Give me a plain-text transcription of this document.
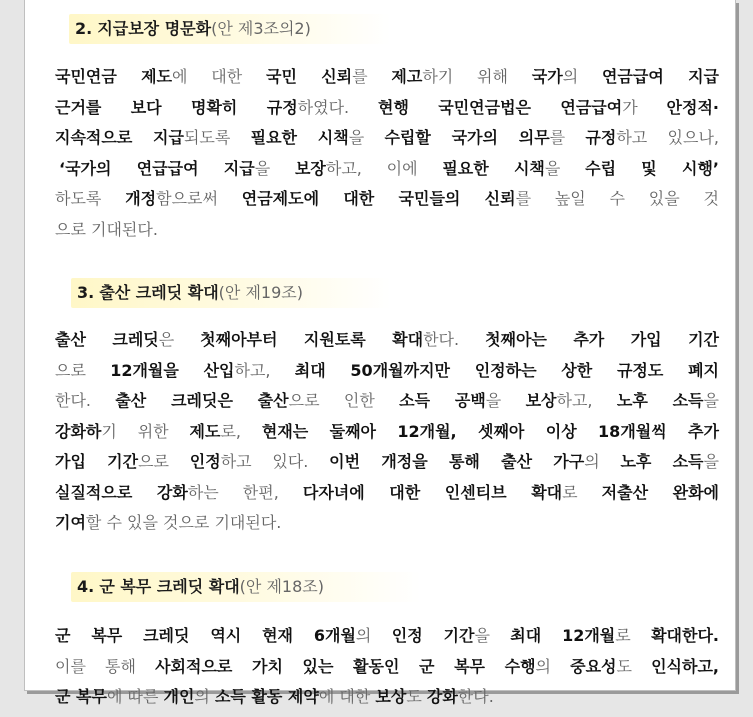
2. 지급보장 명문화(안 제3조의2)
국민연금 제도에 대한 국민 신뢰를 제고하기 위해 국가의 연금급여 지급
근거를 보다 명확히 규정하였다. 현행 국민연금법은 연금급여가 안정적·
지속적으로 지급되도록 필요한 시책을 수립할 국가의 의무를 규정하고 있으나,
‘국가의 연급급여 지급을 보장하고, 이에 필요한 시책을 수립 및 시행’
하도록 개정함으로써 연금제도에 대한 국민들의 신뢰를 높일 수 있을 것
으로 기대된다.
3. 출산 크레딧 확대(안 제19조)
출산 크레딧은 첫째아부터 지원토록 확대한다. 첫째아는 추가 가입 기간
으로 12개월을 산입하고, 최대 50개월까지만 인정하는 상한 규정도 폐지
한다. 출산 크레딧은 출산으로 인한 소득 공백을 보상하고, 노후 소득을
강화하기 위한 제도로, 현재는 둘째아 12개월, 셋째아 이상 18개월씩 추가
가입 기간으로 인정하고 있다. 이번 개정을 통해 출산 가구의 노후 소득을
실질적으로 강화하는 한편, 다자녀에 대한 인센티브 확대로 저출산 완화에
기여할 수 있을 것으로 기대된다.
4. 군 복무 크레딧 확대(안 제18조)
군 복무 크레딧 역시 현재 6개월의 인정 기간을 최대 12개월로 확대한다.
이를 통해 사회적으로 가치 있는 활동인 군 복무 수행의 중요성도 인식하고,
군 복무에 따른 개인의 소득 활동 제약에 대한 보상도 강화한다.
